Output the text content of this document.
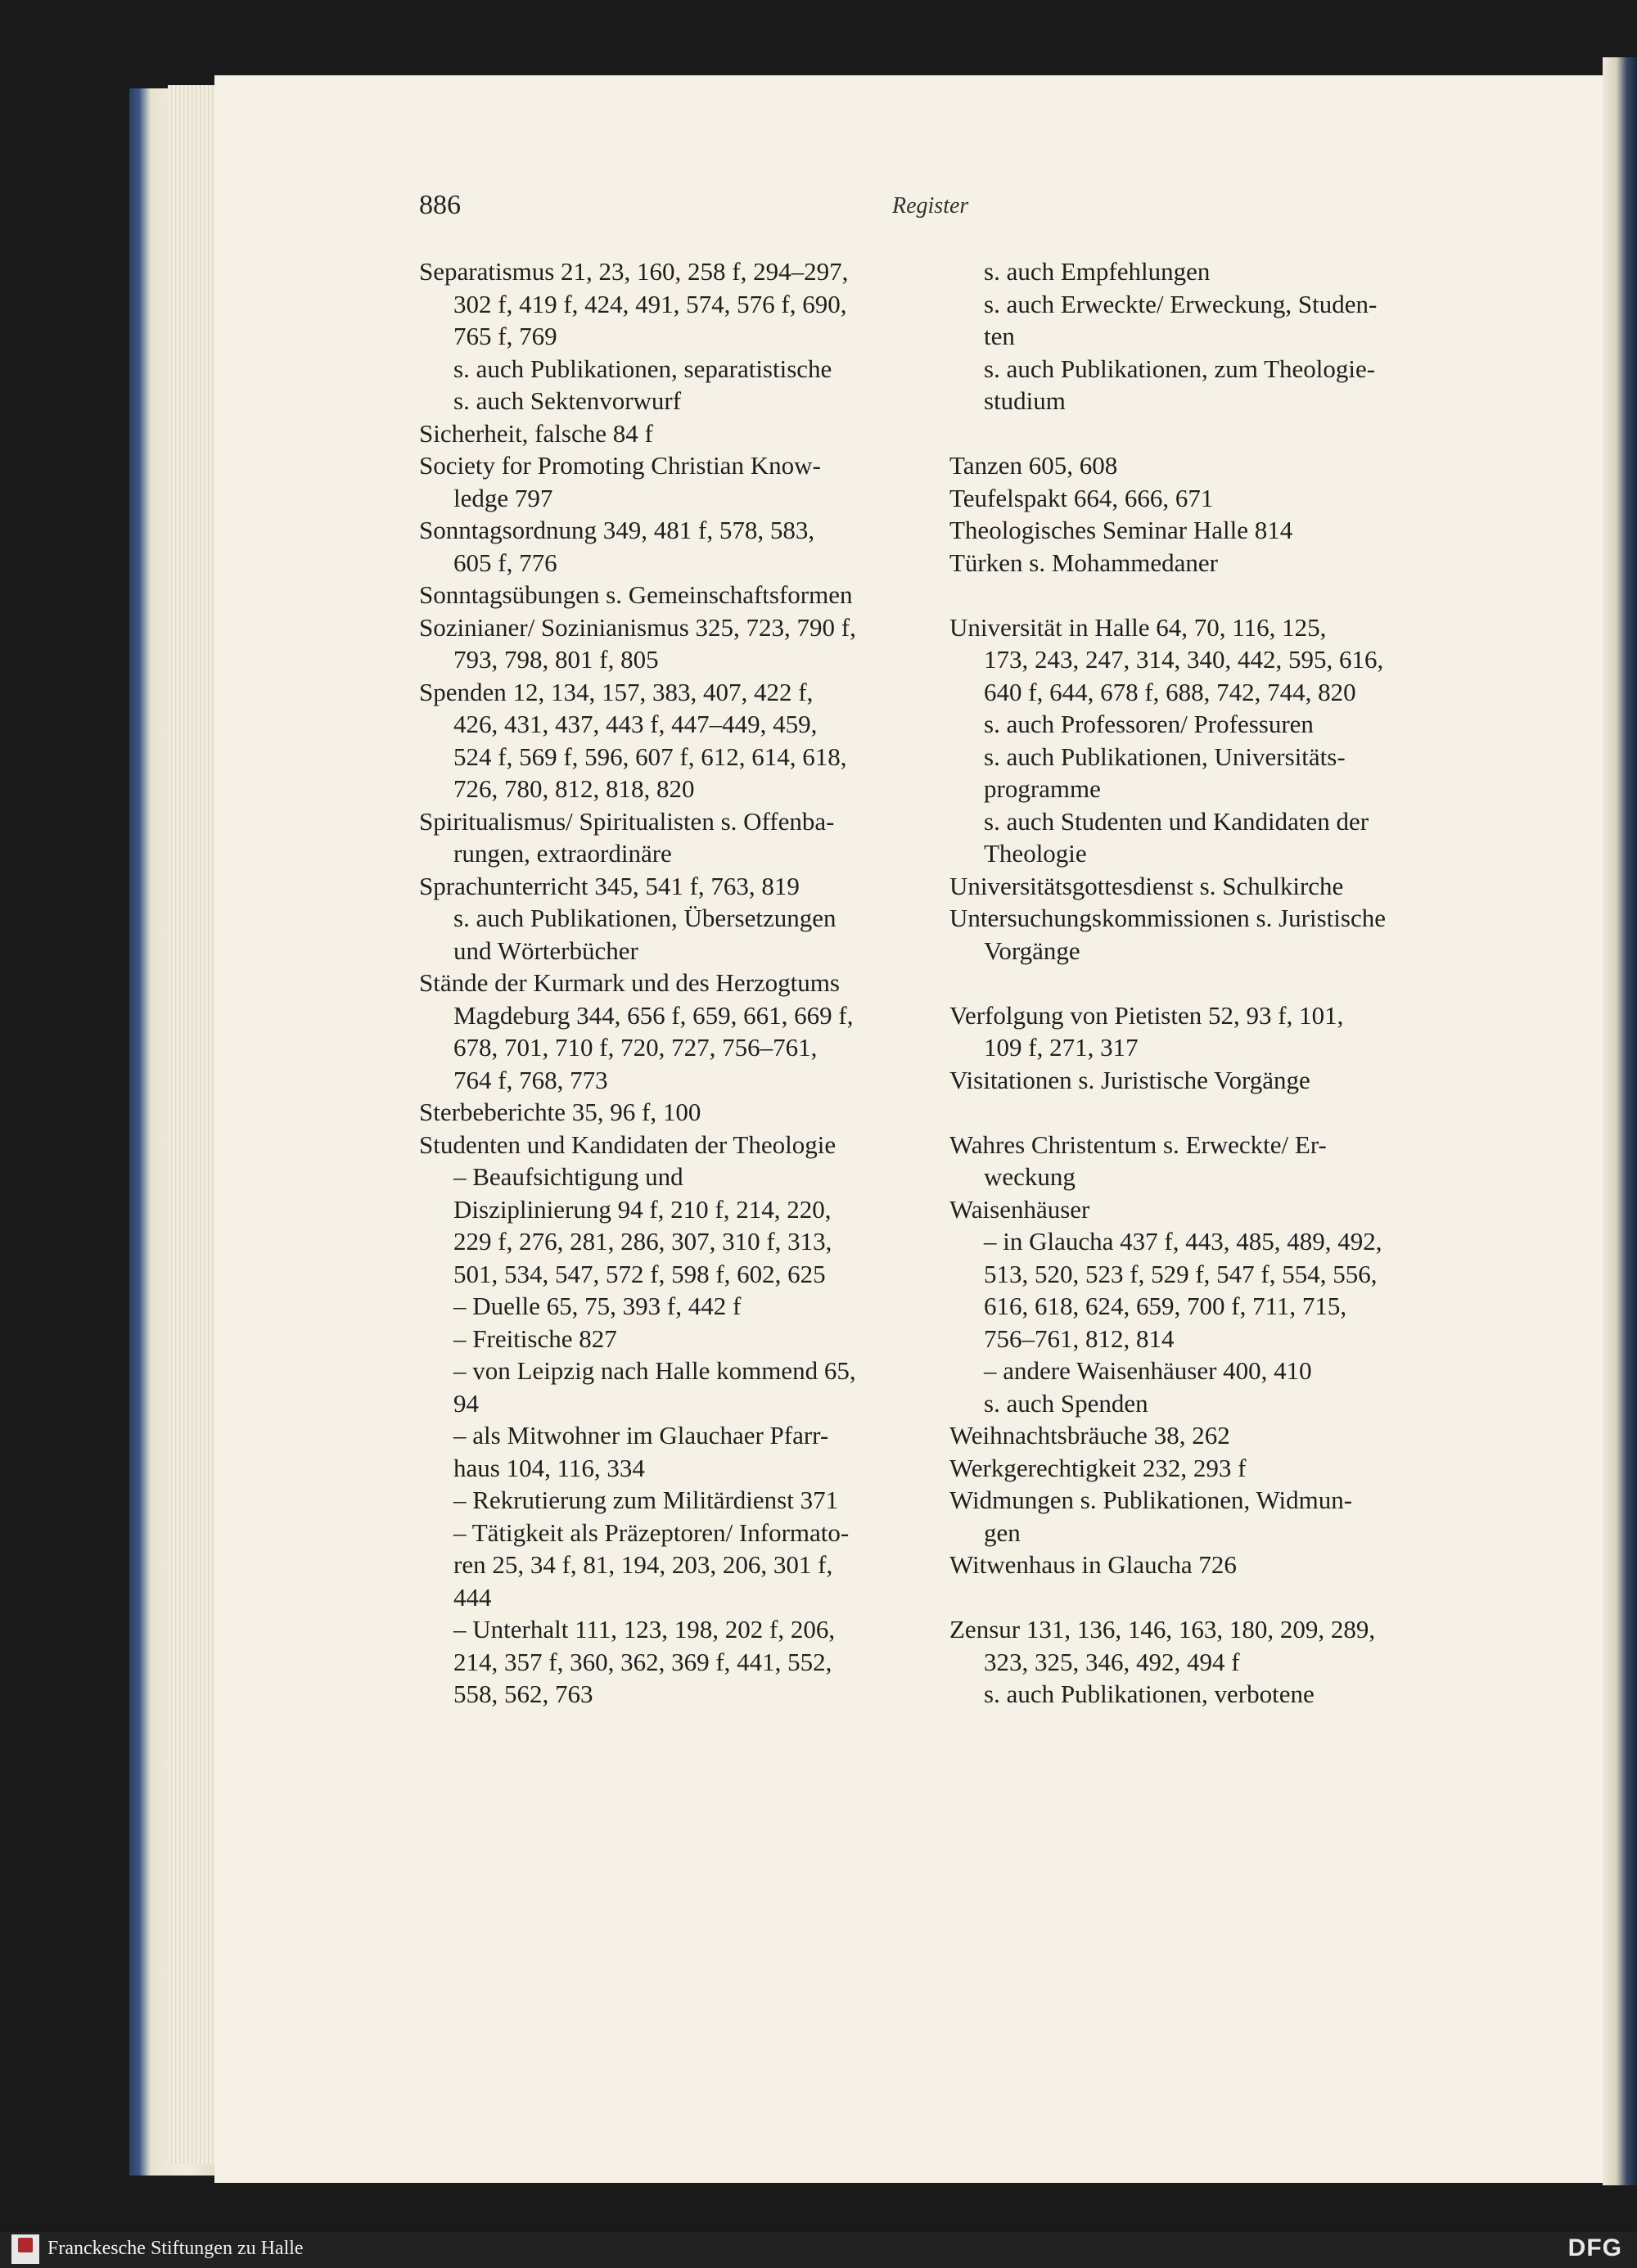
886	Register
Separatismus 21, 23, 160, 258 f, 294–297,
302 f, 419 f, 424, 491, 574, 576 f, 690,
765 f, 769
s. auch Publikationen, separatistische
s. auch Sektenvorwurf
Sicherheit, falsche 84 f
Society for Promoting Christian Know-
ledge 797
Sonntagsordnung 349, 481 f, 578, 583,
605 f, 776
Sonntagsübungen s. Gemeinschaftsformen
Sozinianer/ Sozinianismus 325, 723, 790 f,
793, 798, 801 f, 805
Spenden 12, 134, 157, 383, 407, 422 f,
426, 431, 437, 443 f, 447–449, 459,
524 f, 569 f, 596, 607 f, 612, 614, 618,
726, 780, 812, 818, 820
Spiritualismus/ Spiritualisten s. Offenba-
rungen, extraordinäre
Sprachunterricht 345, 541 f, 763, 819
s. auch Publikationen, Übersetzungen
und Wörterbücher
Stände der Kurmark und des Herzogtums
Magdeburg 344, 656 f, 659, 661, 669 f,
678, 701, 710 f, 720, 727, 756–761,
764 f, 768, 773
Sterbeberichte 35, 96 f, 100
Studenten und Kandidaten der Theologie
– Beaufsichtigung und
Disziplinierung 94 f, 210 f, 214, 220,
229 f, 276, 281, 286, 307, 310 f, 313,
501, 534, 547, 572 f, 598 f, 602, 625
– Duelle 65, 75, 393 f, 442 f
– Freitische 827
– von Leipzig nach Halle kommend 65,
94
– als Mitwohner im Glauchaer Pfarr-
haus 104, 116, 334
– Rekrutierung zum Militärdienst 371
– Tätigkeit als Präzeptoren/ Informato-
ren 25, 34 f, 81, 194, 203, 206, 301 f,
444
– Unterhalt 111, 123, 198, 202 f, 206,
214, 357 f, 360, 362, 369 f, 441, 552,
558, 562, 763
s. auch Empfehlungen
s. auch Erweckte/ Erweckung, Studen-
ten
s. auch Publikationen, zum Theologie-
studium
Tanzen 605, 608
Teufelspakt 664, 666, 671
Theologisches Seminar Halle 814
Türken s. Mohammedaner
Universität in Halle 64, 70, 116, 125,
173, 243, 247, 314, 340, 442, 595, 616,
640 f, 644, 678 f, 688, 742, 744, 820
s. auch Professoren/ Professuren
s. auch Publikationen, Universitäts-
programme
s. auch Studenten und Kandidaten der
Theologie
Universitätsgottesdienst s. Schulkirche
Untersuchungskommissionen s. Juristische
Vorgänge
Verfolgung von Pietisten 52, 93 f, 101,
109 f, 271, 317
Visitationen s. Juristische Vorgänge
Wahres Christentum s. Erweckte/ Er-
weckung
Waisenhäuser
– in Glaucha 437 f, 443, 485, 489, 492,
513, 520, 523 f, 529 f, 547 f, 554, 556,
616, 618, 624, 659, 700 f, 711, 715,
756–761, 812, 814
– andere Waisenhäuser 400, 410
s. auch Spenden
Weihnachtsbräuche 38, 262
Werkgerechtigkeit 232, 293 f
Widmungen s. Publikationen, Widmun-
gen
Witwenhaus in Glaucha 726
Zensur 131, 136, 146, 163, 180, 209, 289,
323, 325, 346, 492, 494 f
s. auch Publikationen, verbotene
Franckesche Stiftungen zu Halle	DFG
